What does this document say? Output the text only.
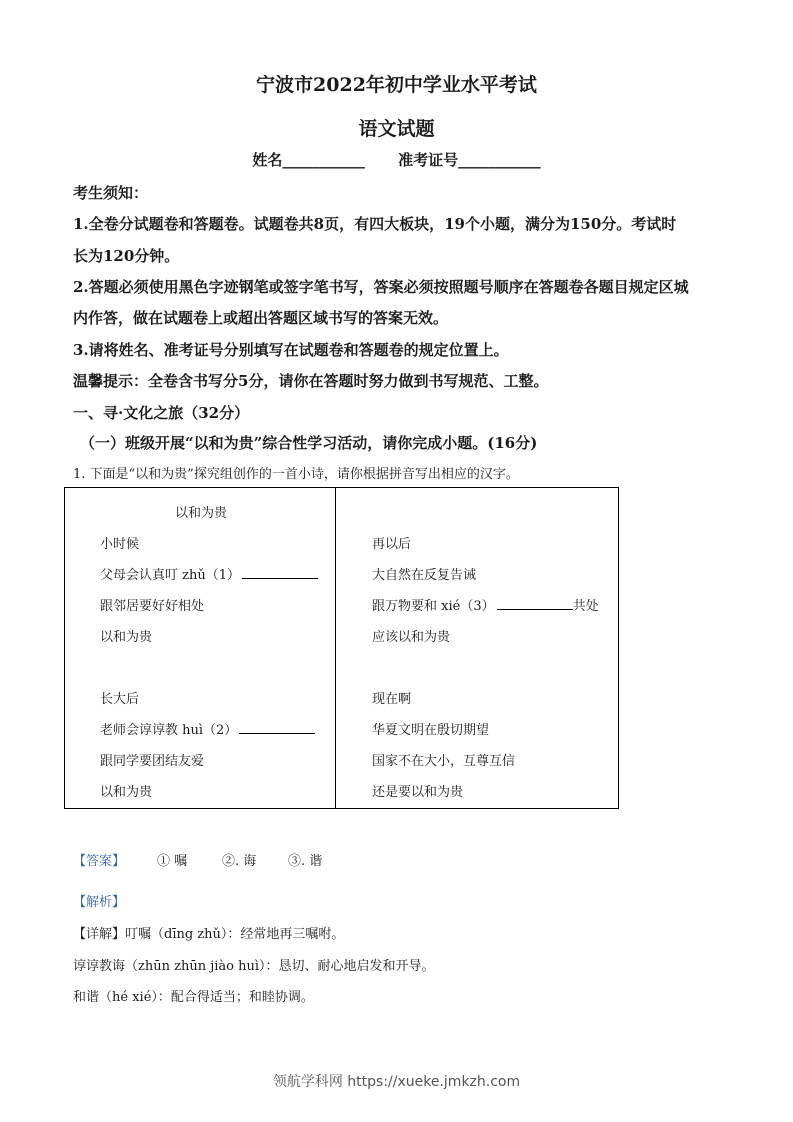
宁波市2022年初中学业水平考试
语文试题
姓名___________ 准考证号___________
考生须知：
1.全卷分试题卷和答题卷。试题卷共8页，有四大板块，19个小题，满分为150分。考试时
长为120分钟。
2.答题必须使用黑色字迹钢笔或签字笔书写，答案必须按照题号顺序在答题卷各题目规定区城
内作答，做在试题卷上或超出答题区域书写的答案无效。
3.请将姓名、准考证号分别填写在试题卷和答题卷的规定位置上。
温馨提示：全卷含书写分5分，请你在答题时努力做到书写规范、工整。
一、寻·文化之旅（32分）
（一）班级开展“以和为贵”综合性学习活动，请你完成小题。(16分)
1. 下面是“以和为贵”探究组创作的一首小诗，请你根据拼音写出相应的汉字。
以和为贵
小时候
父母会认真叮 zhǔ（1）
跟邻居要好好相处
以和为贵
长大后
老师会谆谆教 huì（2）
跟同学要团结友爱
以和为贵
再以后
大自然在反复告诫
跟万物要和 xié（3）	共处
应该以和为贵
现在啊
华夏文明在殷切期望
国家不在大小，互尊互信
还是要以和为贵
【答案】 ① 嘱	②. 诲 ③. 谐
【解析】
【详解】叮嘱（dīng zhǔ）：经常地再三嘱咐。
谆谆教诲（zhūn zhūn jiào huì）：恳切、耐心地启发和开导。
和谐（hé xié）：配合得适当；和睦协调。
领航学科网 https://xueke.jmkzh.com
